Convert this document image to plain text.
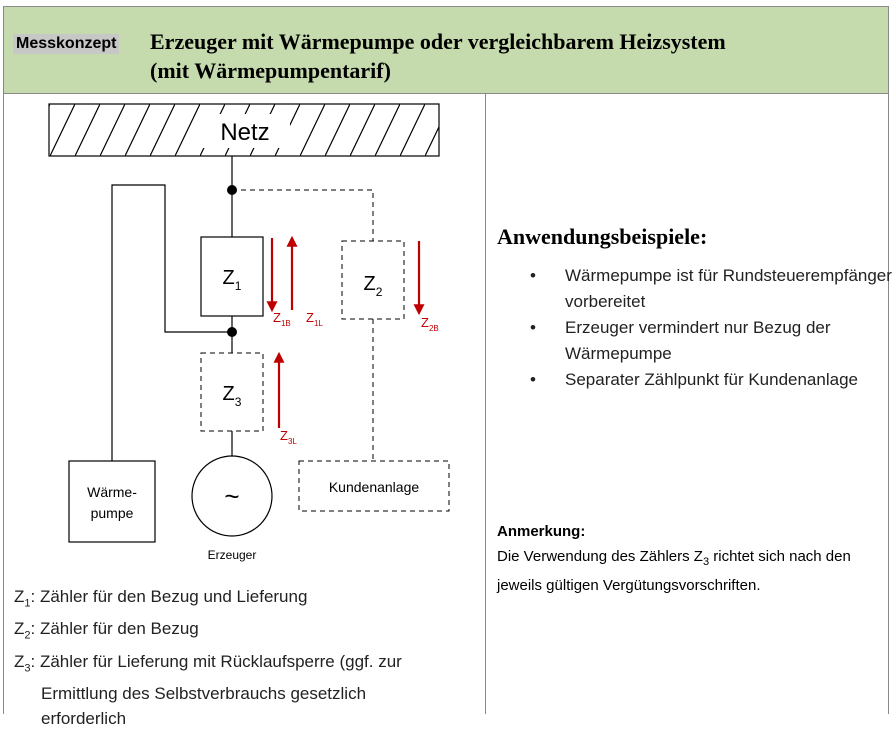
Messkonzept Erzeuger mit Wärmepumpe oder vergleichbarem Heizsystem
(mit Wärmepumpentarif)
Netz
$Z_1$	$Z_2$
$Z_3$
$Z_{1B}$ $Z_{1L}$	$Z_{2B}$
$Z_{3L}$
Wärme-
pumpe
~
Erzeuger
Kundenanlage
$Z_1$: Zähler für den Bezug und Lieferung
$Z_2$: Zähler für den Bezug
$Z_3$: Zähler für Lieferung mit Rücklaufsperre (ggf. zur
Ermittlung des Selbstverbrauchs gesetzlich
erforderlich
Anwendungsbeispiele:
• Wärmepumpe ist für Rundsteuerempfänger vorbereitet
• Erzeuger vermindert nur Bezug der Wärmepumpe
• Separater Zählpunkt für Kundenanlage
Anmerkung:
Die Verwendung des Zählers $Z_3$ richtet sich nach den jeweils gültigen Vergütungsvorschriften.
